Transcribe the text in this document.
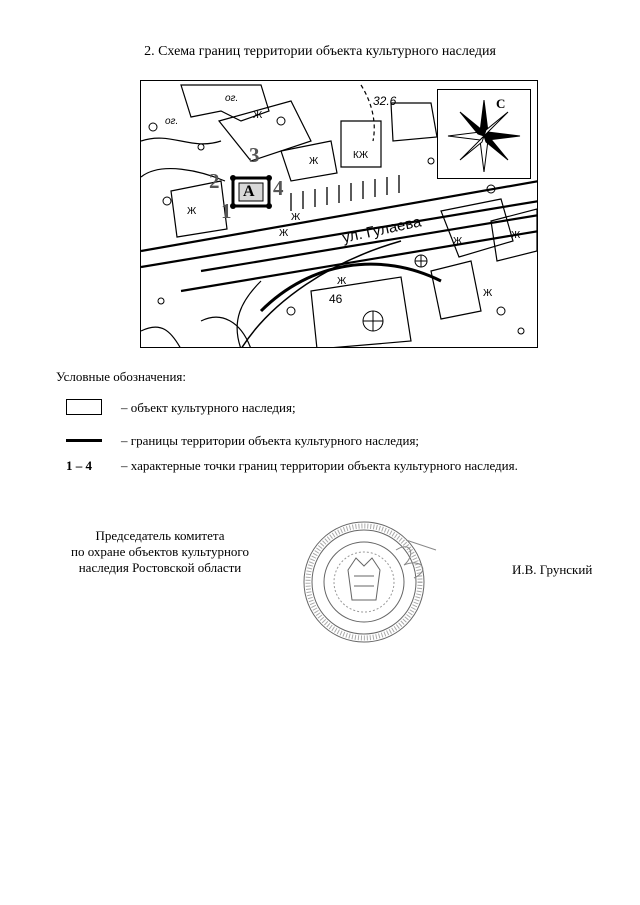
2. Схема границ территории объекта культурного наследия
ог.
ог.
32.6
46
ул. Гулаева
Ж
Ж
КЖ
Ж
Ж
Ж
Ж
Ж
Ж
Ж
А
1
2
3
4
С
Условные обозначения:
– объект культурного наследия;
– границы территории объекта культурного наследия;
1 – 4 – характерные точки границ территории объекта культурного наследия.
Председатель комитета
по охране объектов культурного
наследия Ростовской области	И.В. Грунский
